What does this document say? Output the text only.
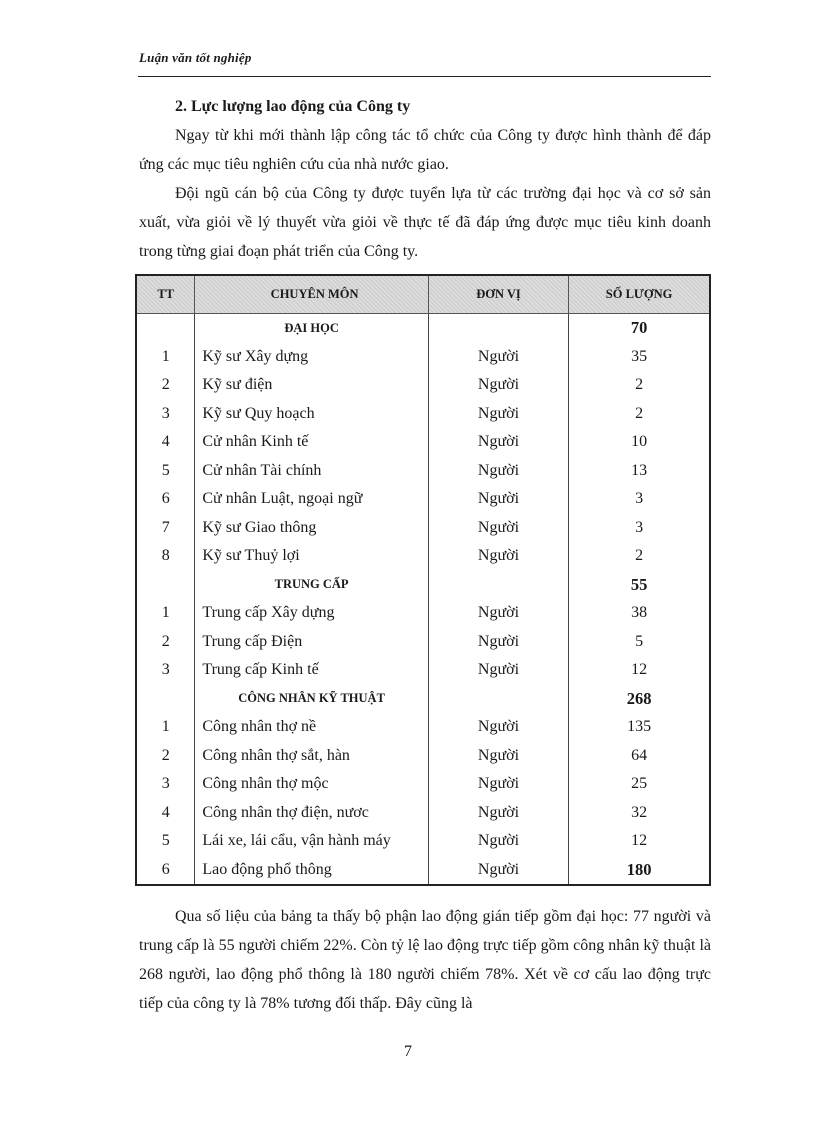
Luận văn tốt nghiệp
2. Lực lượng lao động của Công ty

Ngay từ khi mới thành lập công tác tổ chức của Công ty được hình thành để đáp ứng các mục tiêu nghiên cứu của nhà nước giao.

Đội ngũ cán bộ của Công ty được tuyển lựa từ các trường đại học và cơ sở sản xuất, vừa giỏi về lý thuyết vừa giỏi về thực tế đã đáp ứng được mục tiêu kinh doanh trong từng giai đoạn phát triển của Công ty.

TT	CHUYÊN MÔN	ĐƠN VỊ	SỐ LƯỢNG
	ĐẠI HỌC		70
1	Kỹ sư Xây dựng	Người	35
2	Kỹ sư điện	Người	2
3	Kỹ sư Quy hoạch	Người	2
4	Cử nhân Kinh tế	Người	10
5	Cử nhân Tài chính	Người	13
6	Cử nhân Luật, ngoại ngữ	Người	3
7	Kỹ sư Giao thông	Người	3
8	Kỹ sư Thuỷ lợi	Người	2
	TRUNG CẤP		55
1	Trung cấp Xây dựng	Người	38
2	Trung cấp Điện	Người	5
3	Trung cấp Kinh tế	Người	12
	CÔNG NHÂN KỸ THUẬT		268
1	Công nhân thợ nề	Người	135
2	Công nhân thợ sắt, hàn	Người	64
3	Công nhân thợ mộc	Người	25
4	Công nhân thợ điện, nươc	Người	32
5	Lái xe, lái cẩu, vận hành máy	Người	12
6	Lao động phổ thông	Người	180

Qua số liệu của bảng ta thấy bộ phận lao động gián tiếp gồm đại học: 77 người và trung cấp là 55 người chiếm 22%. Còn tỷ lệ lao động trực tiếp gồm công nhân kỹ thuật là 268 người, lao động phổ thông là 180 người chiếm 78%. Xét về cơ cấu lao động trực tiếp của công ty là 78% tương đối thấp. Đây cũng là

7
